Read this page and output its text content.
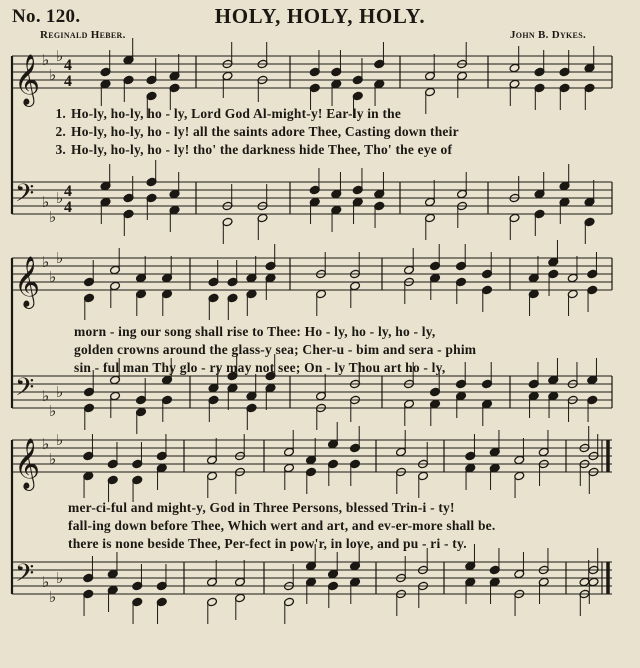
No. 120.	HOLY, HOLY, HOLY.
Reginald Heber.	John B. Dykes.
𝄞
𝄢
♭
♭
♭
♭
♭
♭
4
4
4
4
𝄞
𝄢
♭
♭
♭
♭
♭
♭
𝄞
𝄢
♭
♭
♭
♭
♭
♭
1. Ho-ly, ho-ly, ho - ly, Lord God Al-might-y! Ear-ly in the
2. Ho-ly, ho-ly, ho - ly! all the saints adore Thee, Casting down their
3. Ho-ly, ho-ly, ho - ly! tho' the darkness hide Thee, Tho' the eye of
morn - ing our song shall rise to Thee: Ho - ly, ho - ly, ho - ly,
golden crowns around the glass-y sea; Cher-u - bim and sera - phim
sin - ful man Thy glo - ry may not see; On - ly Thou art ho - ly,
mer-ci-ful and might-y, God in Three Persons, blessed Trin-i - ty!
fall-ing down before Thee, Which wert and art, and ev-er-more shall be.
there is none beside Thee, Per-fect in pow'r, in love, and pu - ri - ty.
